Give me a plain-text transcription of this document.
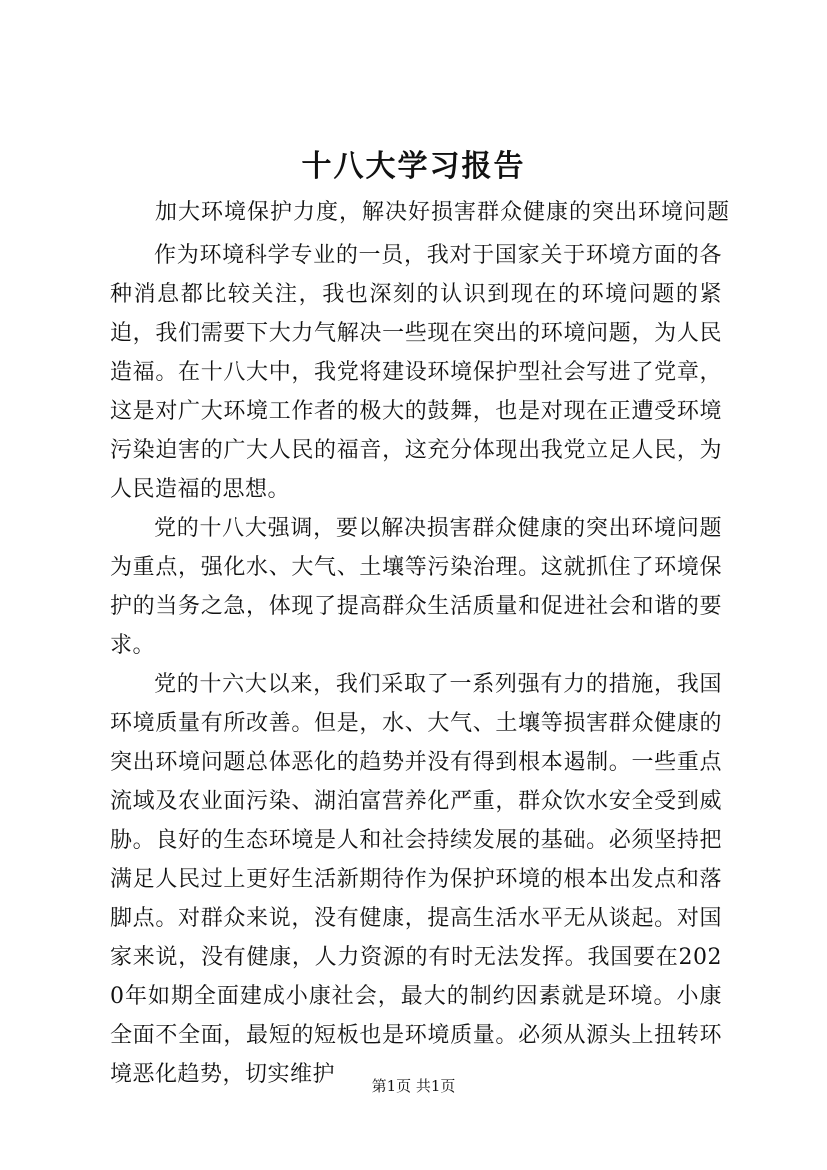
十八大学习报告

加大环境保护力度，解决好损害群众健康的突出环境问题

作为环境科学专业的一员，我对于国家关于环境方面的各种消息都比较关注，我也深刻的认识到现在的环境问题的紧迫，我们需要下大力气解决一些现在突出的环境问题，为人民造福。在十八大中，我党将建设环境保护型社会写进了党章，这是对广大环境工作者的极大的鼓舞，也是对现在正遭受环境污染迫害的广大人民的福音，这充分体现出我党立足人民，为人民造福的思想。

党的十八大强调，要以解决损害群众健康的突出环境问题为重点，强化水、大气、土壤等污染治理。这就抓住了环境保护的当务之急，体现了提高群众生活质量和促进社会和谐的要求。

党的十六大以来，我们采取了一系列强有力的措施，我国环境质量有所改善。但是，水、大气、土壤等损害群众健康的突出环境问题总体恶化的趋势并没有得到根本遏制。一些重点流域及农业面污染、湖泊富营养化严重，群众饮水安全受到威胁。良好的生态环境是人和社会持续发展的基础。必须坚持把满足人民过上更好生活新期待作为保护环境的根本出发点和落脚点。对群众来说，没有健康，提高生活水平无从谈起。对国家来说，没有健康，人力资源的有时无法发挥。我国要在2020年如期全面建成小康社会，最大的制约因素就是环境。小康全面不全面，最短的短板也是环境质量。必须从源头上扭转环境恶化趋势，切实维护	第1页 共1页
